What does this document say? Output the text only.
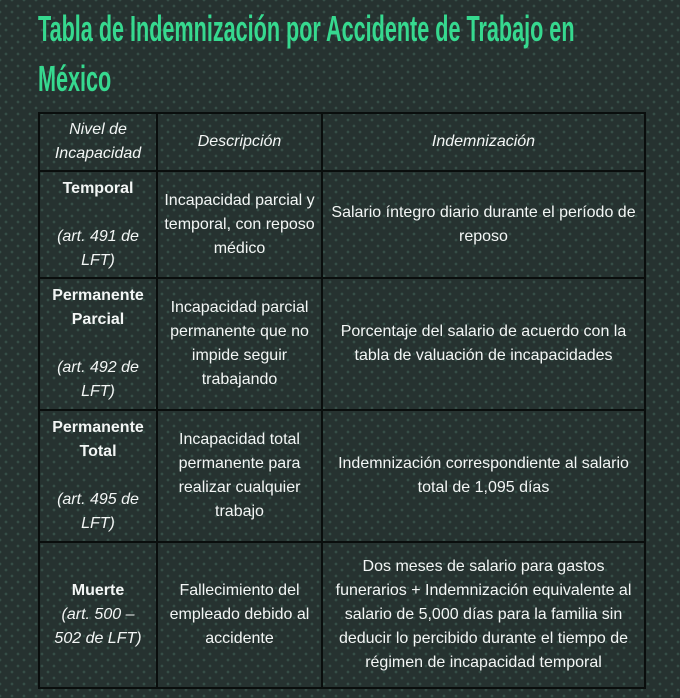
Tabla de Indemnización por Accidente de Trabajo en
México
Nivel de Incapacidad	Descripción	Indemnización

Temporal
(art. 491 de LFT)	Incapacidad parcial y temporal, con reposo médico	Salario íntegro diario durante el período de reposo

Permanente Parcial
(art. 492 de LFT)	Incapacidad parcial permanente que no impide seguir trabajando	Porcentaje del salario de acuerdo con la tabla de valuación de incapacidades

Permanente Total
(art. 495 de LFT)	Incapacidad total permanente para realizar cualquier trabajo	Indemnización correspondiente al salario total de 1,095 días

Muerte
(art. 500 – 502 de LFT)	Fallecimiento del empleado debido al accidente	Dos meses de salario para gastos funerarios + Indemnización equivalente al salario de 5,000 días para la familia sin deducir lo percibido durante el tiempo de régimen de incapacidad temporal
